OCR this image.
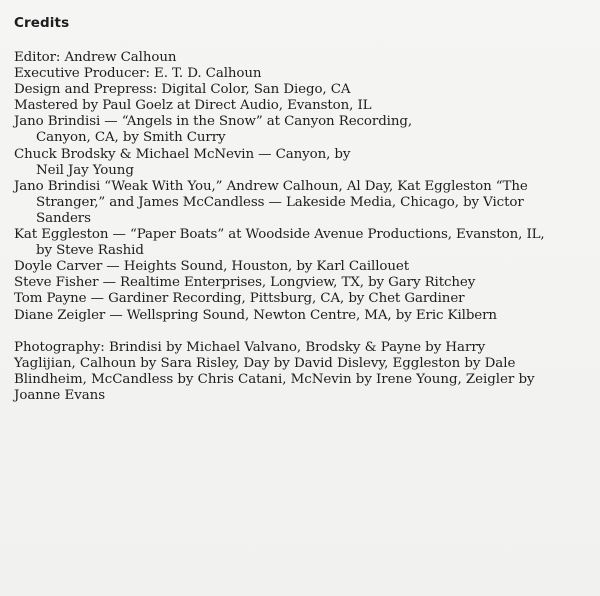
Credits
Editor: Andrew Calhoun
Executive Producer: E. T. D. Calhoun
Design and Prepress: Digital Color, San Diego, CA
Mastered by Paul Goelz at Direct Audio, Evanston, IL
Jano Brindisi — “Angels in the Snow” at Canyon Recording,
Canyon, CA, by Smith Curry
Chuck Brodsky & Michael McNevin — Canyon, by
Neil Jay Young
Jano Brindisi “Weak With You,” Andrew Calhoun, Al Day, Kat Eggleston “The
Stranger,” and James McCandless — Lakeside Media, Chicago, by Victor
Sanders
Kat Eggleston — “Paper Boats” at Woodside Avenue Productions, Evanston, IL,
by Steve Rashid
Doyle Carver — Heights Sound, Houston, by Karl Caillouet
Steve Fisher — Realtime Enterprises, Longview, TX, by Gary Ritchey
Tom Payne — Gardiner Recording, Pittsburg, CA, by Chet Gardiner
Diane Zeigler — Wellspring Sound, Newton Centre, MA, by Eric Kilbern
Photography: Brindisi by Michael Valvano, Brodsky & Payne by Harry
Yaglijian, Calhoun by Sara Risley, Day by David Dislevy, Eggleston by Dale
Blindheim, McCandless by Chris Catani, McNevin by Irene Young, Zeigler by
Joanne Evans
